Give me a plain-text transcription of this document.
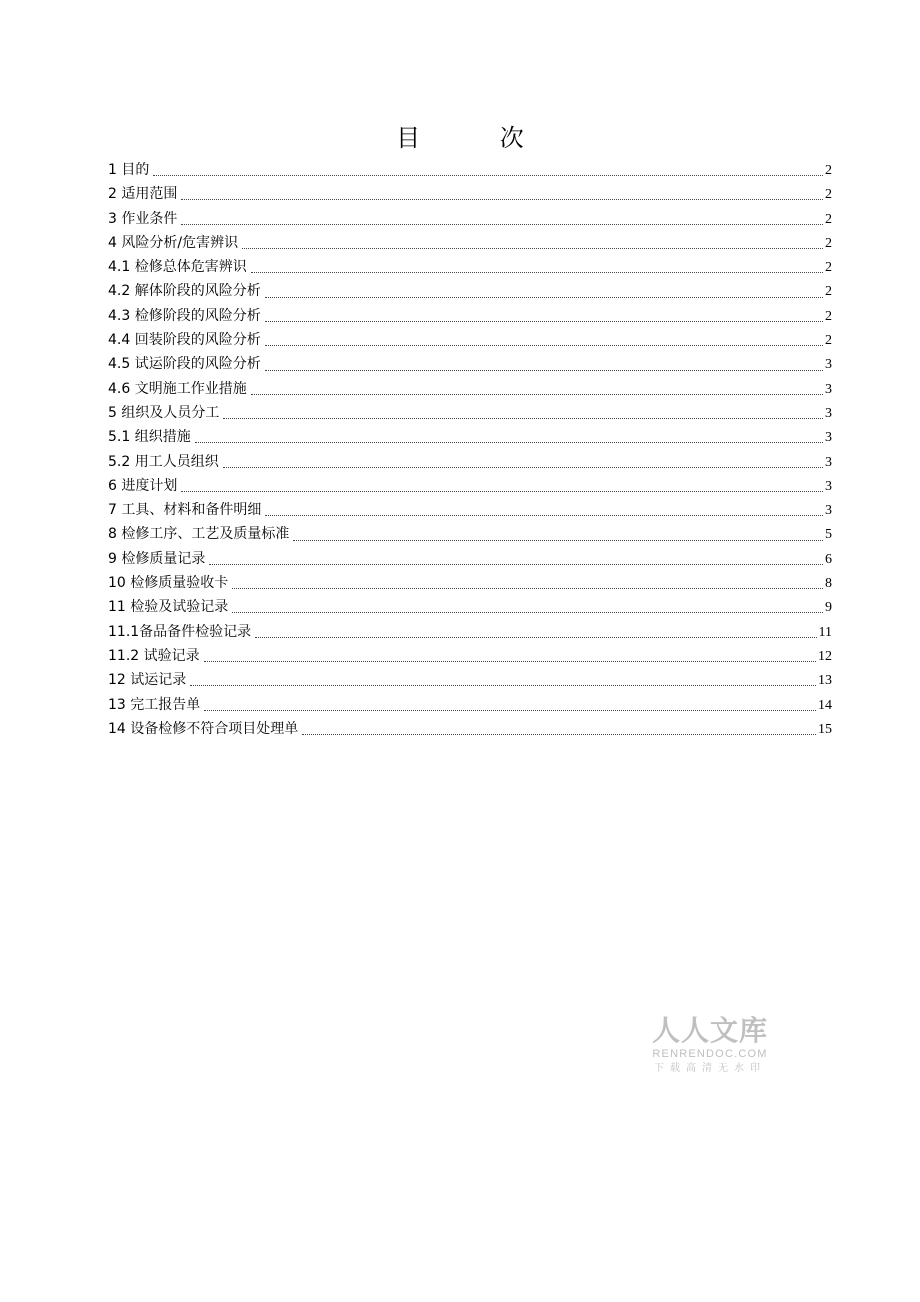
目 次
1 目的	2
2 适用范围	2
3 作业条件	2
4 风险分析/危害辨识	2
4.1 检修总体危害辨识	2
4.2 解体阶段的风险分析	2
4.3 检修阶段的风险分析	2
4.4 回装阶段的风险分析	2
4.5 试运阶段的风险分析	3
4.6 文明施工作业措施	3
5 组织及人员分工	3
5.1 组织措施	3
5.2 用工人员组织	3
6 进度计划	3
7 工具、材料和备件明细	3
8 检修工序、工艺及质量标准	5
9 检修质量记录	6
10 检修质量验收卡	8
11 检验及试验记录	9
11.1备品备件检验记录	11
11.2 试验记录	12
12 试运记录	13
13 完工报告单	14
14 设备检修不符合项目处理单	15
人人文库
RENRENDOC.COM
下载高清无水印
